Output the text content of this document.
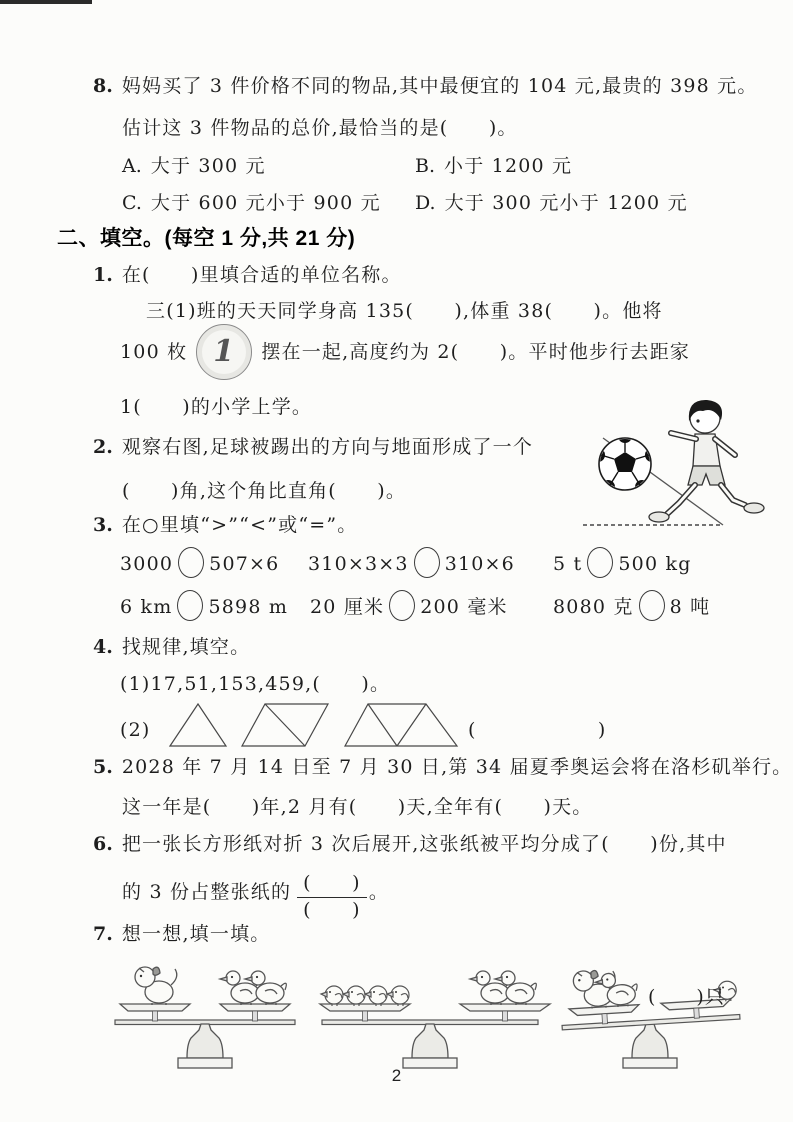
8. 妈妈买了 3 件价格不同的物品,其中最便宜的 104 元,最贵的 398 元。
估计这 3 件物品的总价,最恰当的是(　　)。
A. 大于 300 元	B. 小于 1200 元
C. 大于 600 元小于 900 元 D. 大于 300 元小于 1200 元
二、填空。(每空 1 分,共 21 分)
1. 在(　　)里填合适的单位名称。
三(1)班的天天同学身高 135(　　),体重 38(　　)。他将
100 枚 1 摆在一起,高度约为 2(　　)。平时他步行去距家
1(　　)的小学上学。
2. 观察右图,足球被踢出的方向与地面形成了一个
(　　)角,这个角比直角(　　)。
3. 在○里填“>”“<”或“=”。
3000 507×6 310×3×3 310×6 5 t 500 kg
6 km 5898 m 20 厘米 200 毫米 8080 克 8 吨
4. 找规律,填空。
(1)17,51,153,459,(　　)。
(2)	(　　　　　　)
5. 2028 年 7 月 14 日至 7 月 30 日,第 34 届夏季奥运会将在洛杉矶举行。
这一年是(　　)年,2 月有(　　)天,全年有(　　)天。
6. 把一张长方形纸对折 3 次后展开,这张纸被平均分成了(　　)份,其中
的 3 份占整张纸的 $\frac{( )}{( )}$ 。
7. 想一想,填一填。
(　　)只
2
